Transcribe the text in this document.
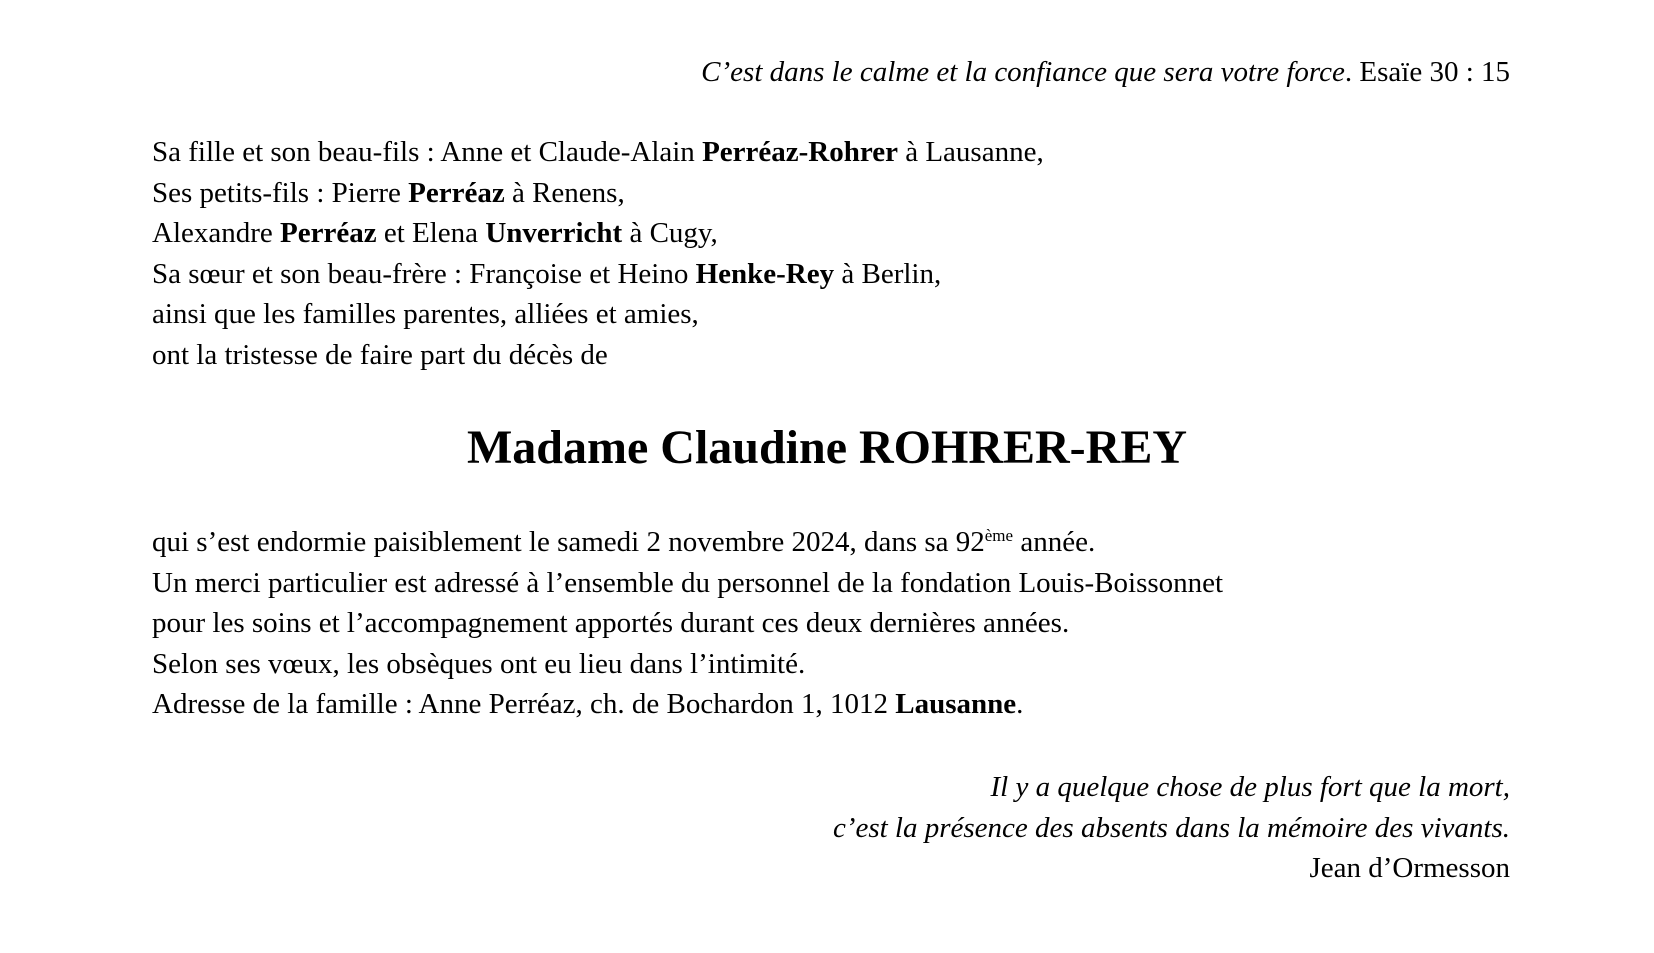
C’est dans le calme et la confiance que sera votre force. Esaïe 30 : 15
Sa fille et son beau-fils : Anne et Claude-Alain Perréaz-Rohrer à Lausanne,
Ses petits-fils : Pierre Perréaz à Renens,
Alexandre Perréaz et Elena Unverricht à Cugy,
Sa sœur et son beau-frère : Françoise et Heino Henke-Rey à Berlin,
ainsi que les familles parentes, alliées et amies,
ont la tristesse de faire part du décès de
Madame Claudine ROHRER-REY
qui s’est endormie paisiblement le samedi 2 novembre 2024, dans sa 92ème année.
Un merci particulier est adressé à l’ensemble du personnel de la fondation Louis-Boissonnet
pour les soins et l’accompagnement apportés durant ces deux dernières années.
Selon ses vœux, les obsèques ont eu lieu dans l’intimité.
Adresse de la famille : Anne Perréaz, ch. de Bochardon 1, 1012 Lausanne.
Il y a quelque chose de plus fort que la mort,
c’est la présence des absents dans la mémoire des vivants.
Jean d’Ormesson
